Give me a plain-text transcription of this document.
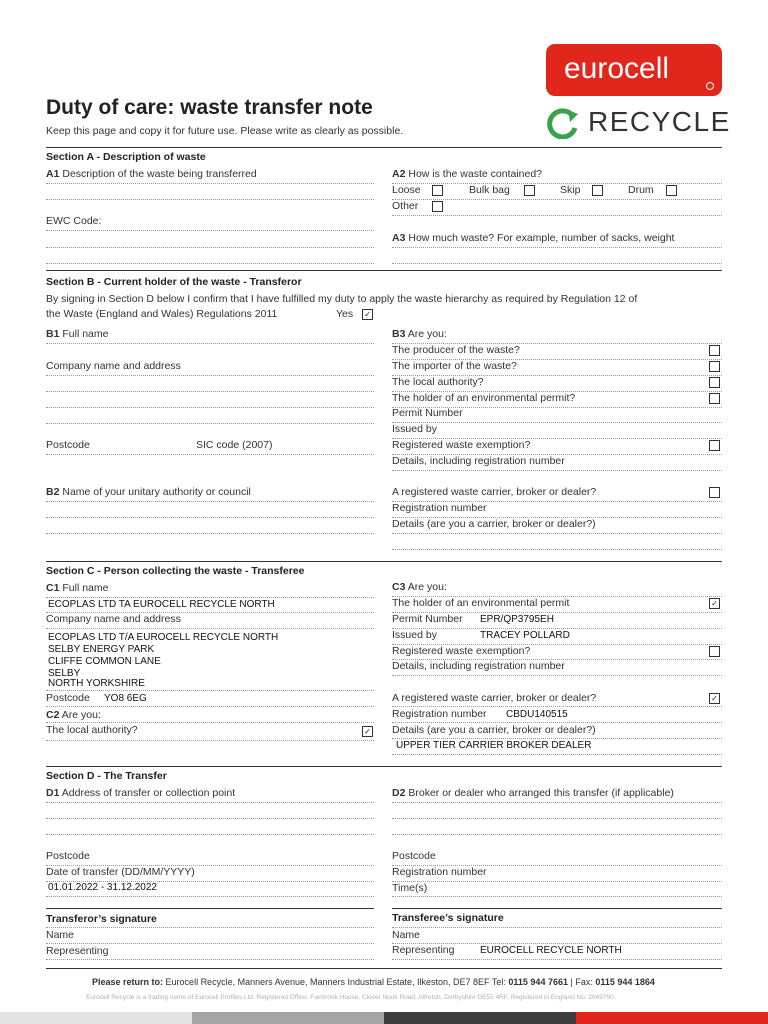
Duty of care: waste transfer note
Keep this page and copy it for future use. Please write as clearly as possible.
eurocell
RECYCLE
Section A - Description of waste
A1 Description of the waste being transferred
EWC Code:
A2 How is the waste contained?
Loose	Bulk bag	Skip	Drum
Other
A3 How much waste? For example, number of sacks, weight
Section B - Current holder of the waste - Transferor
By signing in Section D below I confirm that I have fulfilled my duty to apply the waste hierarchy as required by Regulation 12 of
the Waste (England and Wales) Regulations 2011	Yes ✓
B1 Full name
Company name and address
Postcode	SIC code (2007)
B2 Name of your unitary authority or council
B3 Are you:
The producer of the waste?
The importer of the waste?
The local authority?
The holder of an environmental permit?
Permit Number
Issued by
Registered waste exemption?
Details, including registration number
A registered waste carrier, broker or dealer?
Registration number
Details (are you a carrier, broker or dealer?)
Section C - Person collecting the waste - Transferee
C1 Full name
ECOPLAS LTD TA EUROCELL RECYCLE NORTH
Company name and address
ECOPLAS LTD T/A EUROCELL RECYCLE NORTH
SELBY ENERGY PARK
CLIFFE COMMON LANE
SELBY
NORTH YORKSHIRE
Postcode YO8 6EG
C2 Are you:
The local authority?	✓
C3 Are you:
The holder of an environmental permit	✓
Permit Number EPR/QP3795EH
Issued by	TRACEY POLLARD
Registered waste exemption?
Details, including registration number
A registered waste carrier, broker or dealer?	✓
Registration number CBDU140515
Details (are you a carrier, broker or dealer?)
UPPER TIER CARRIER BROKER DEALER
Section D - The Transfer
D1 Address of transfer or collection point
Postcode
Date of transfer (DD/MM/YYYY)
01.01.2022 - 31.12.2022
D2 Broker or dealer who arranged this transfer (if applicable)
Postcode
Registration number
Time(s)
Transferor’s signature
Name
Representing
Transferee’s signature
Name
Representing	EUROCELL RECYCLE NORTH
Please return to: Eurocell Recycle, Manners Avenue, Manners Industrial Estate, Ilkeston, DE7 8EF Tel: 0115 944 7661 | Fax: 0115 944 1864
Eurocell Recycle is a trading name of Eurocell Profiles Ltd. Registered Office: Fairbrook House, Clover Nook Road, Alfreton, Derbyshire DE55 4RF. Registered in England No. 2649790.
